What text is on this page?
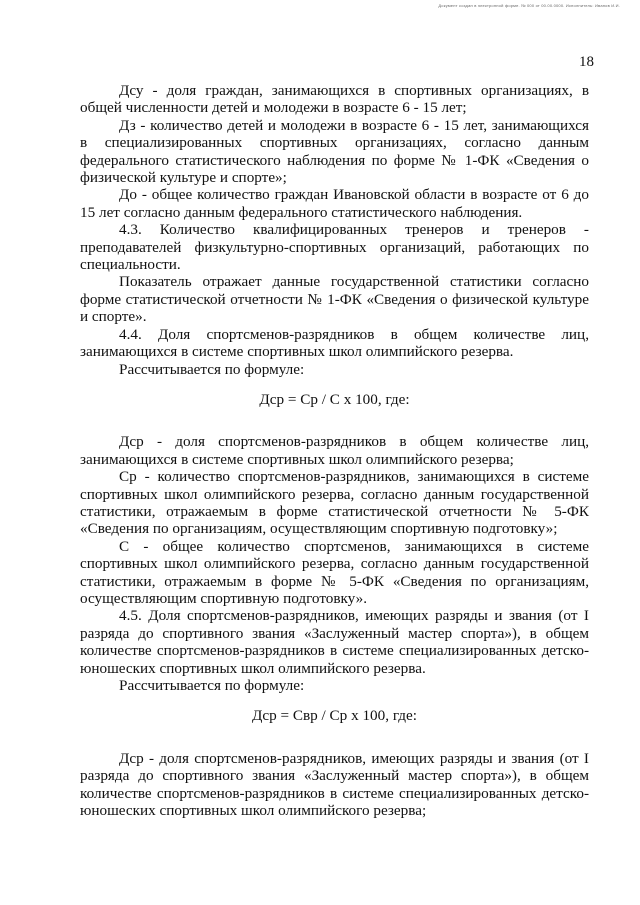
Документ создан в электронной форме. № 000 от 00.00.0000. Исполнитель: Иванов И.И.
18

Дсу - доля граждан, занимающихся в спортивных организациях, в общей численности детей и молодежи в возрасте 6 - 15 лет;

Дз - количество детей и молодежи в возрасте 6 - 15 лет, занимающихся в специализированных спортивных организациях, согласно данным федерального статистического наблюдения по форме № 1-ФК «Сведения о физической культуре и спорте»;

До - общее количество граждан Ивановской области в возрасте от 6 до 15 лет согласно данным федерального статистического наблюдения.

4.3. Количество квалифицированных тренеров и тренеров - преподавателей физкультурно-спортивных организаций, работающих по специальности.

Показатель отражает данные государственной статистики согласно форме статистической отчетности № 1-ФК «Сведения о физической культуре и спорте».

4.4. Доля спортсменов-разрядников в общем количестве лиц, занимающихся в системе спортивных школ олимпийского резерва.

Рассчитывается по формуле:

Дср = Ср / С х 100, где:

Дср - доля спортсменов-разрядников в общем количестве лиц, занимающихся в системе спортивных школ олимпийского резерва;

Ср - количество спортсменов-разрядников, занимающихся в системе спортивных школ олимпийского резерва, согласно данным государственной статистики, отражаемым в форме статистической отчетности № 5-ФК «Сведения по организациям, осуществляющим спортивную подготовку»;

С - общее количество спортсменов, занимающихся в системе спортивных школ олимпийского резерва, согласно данным государственной статистики, отражаемым в форме № 5-ФК «Сведения по организациям, осуществляющим спортивную подготовку».

4.5. Доля спортсменов-разрядников, имеющих разряды и звания (от I разряда до спортивного звания «Заслуженный мастер спорта»), в общем количестве спортсменов-разрядников в системе специализированных детско-юношеских спортивных школ олимпийского резерва.

Рассчитывается по формуле:

Дср = Свр / Ср х 100, где:

Дср - доля спортсменов-разрядников, имеющих разряды и звания (от I разряда до спортивного звания «Заслуженный мастер спорта»), в общем количестве спортсменов-разрядников в системе специализированных детско-юношеских спортивных школ олимпийского резерва;
